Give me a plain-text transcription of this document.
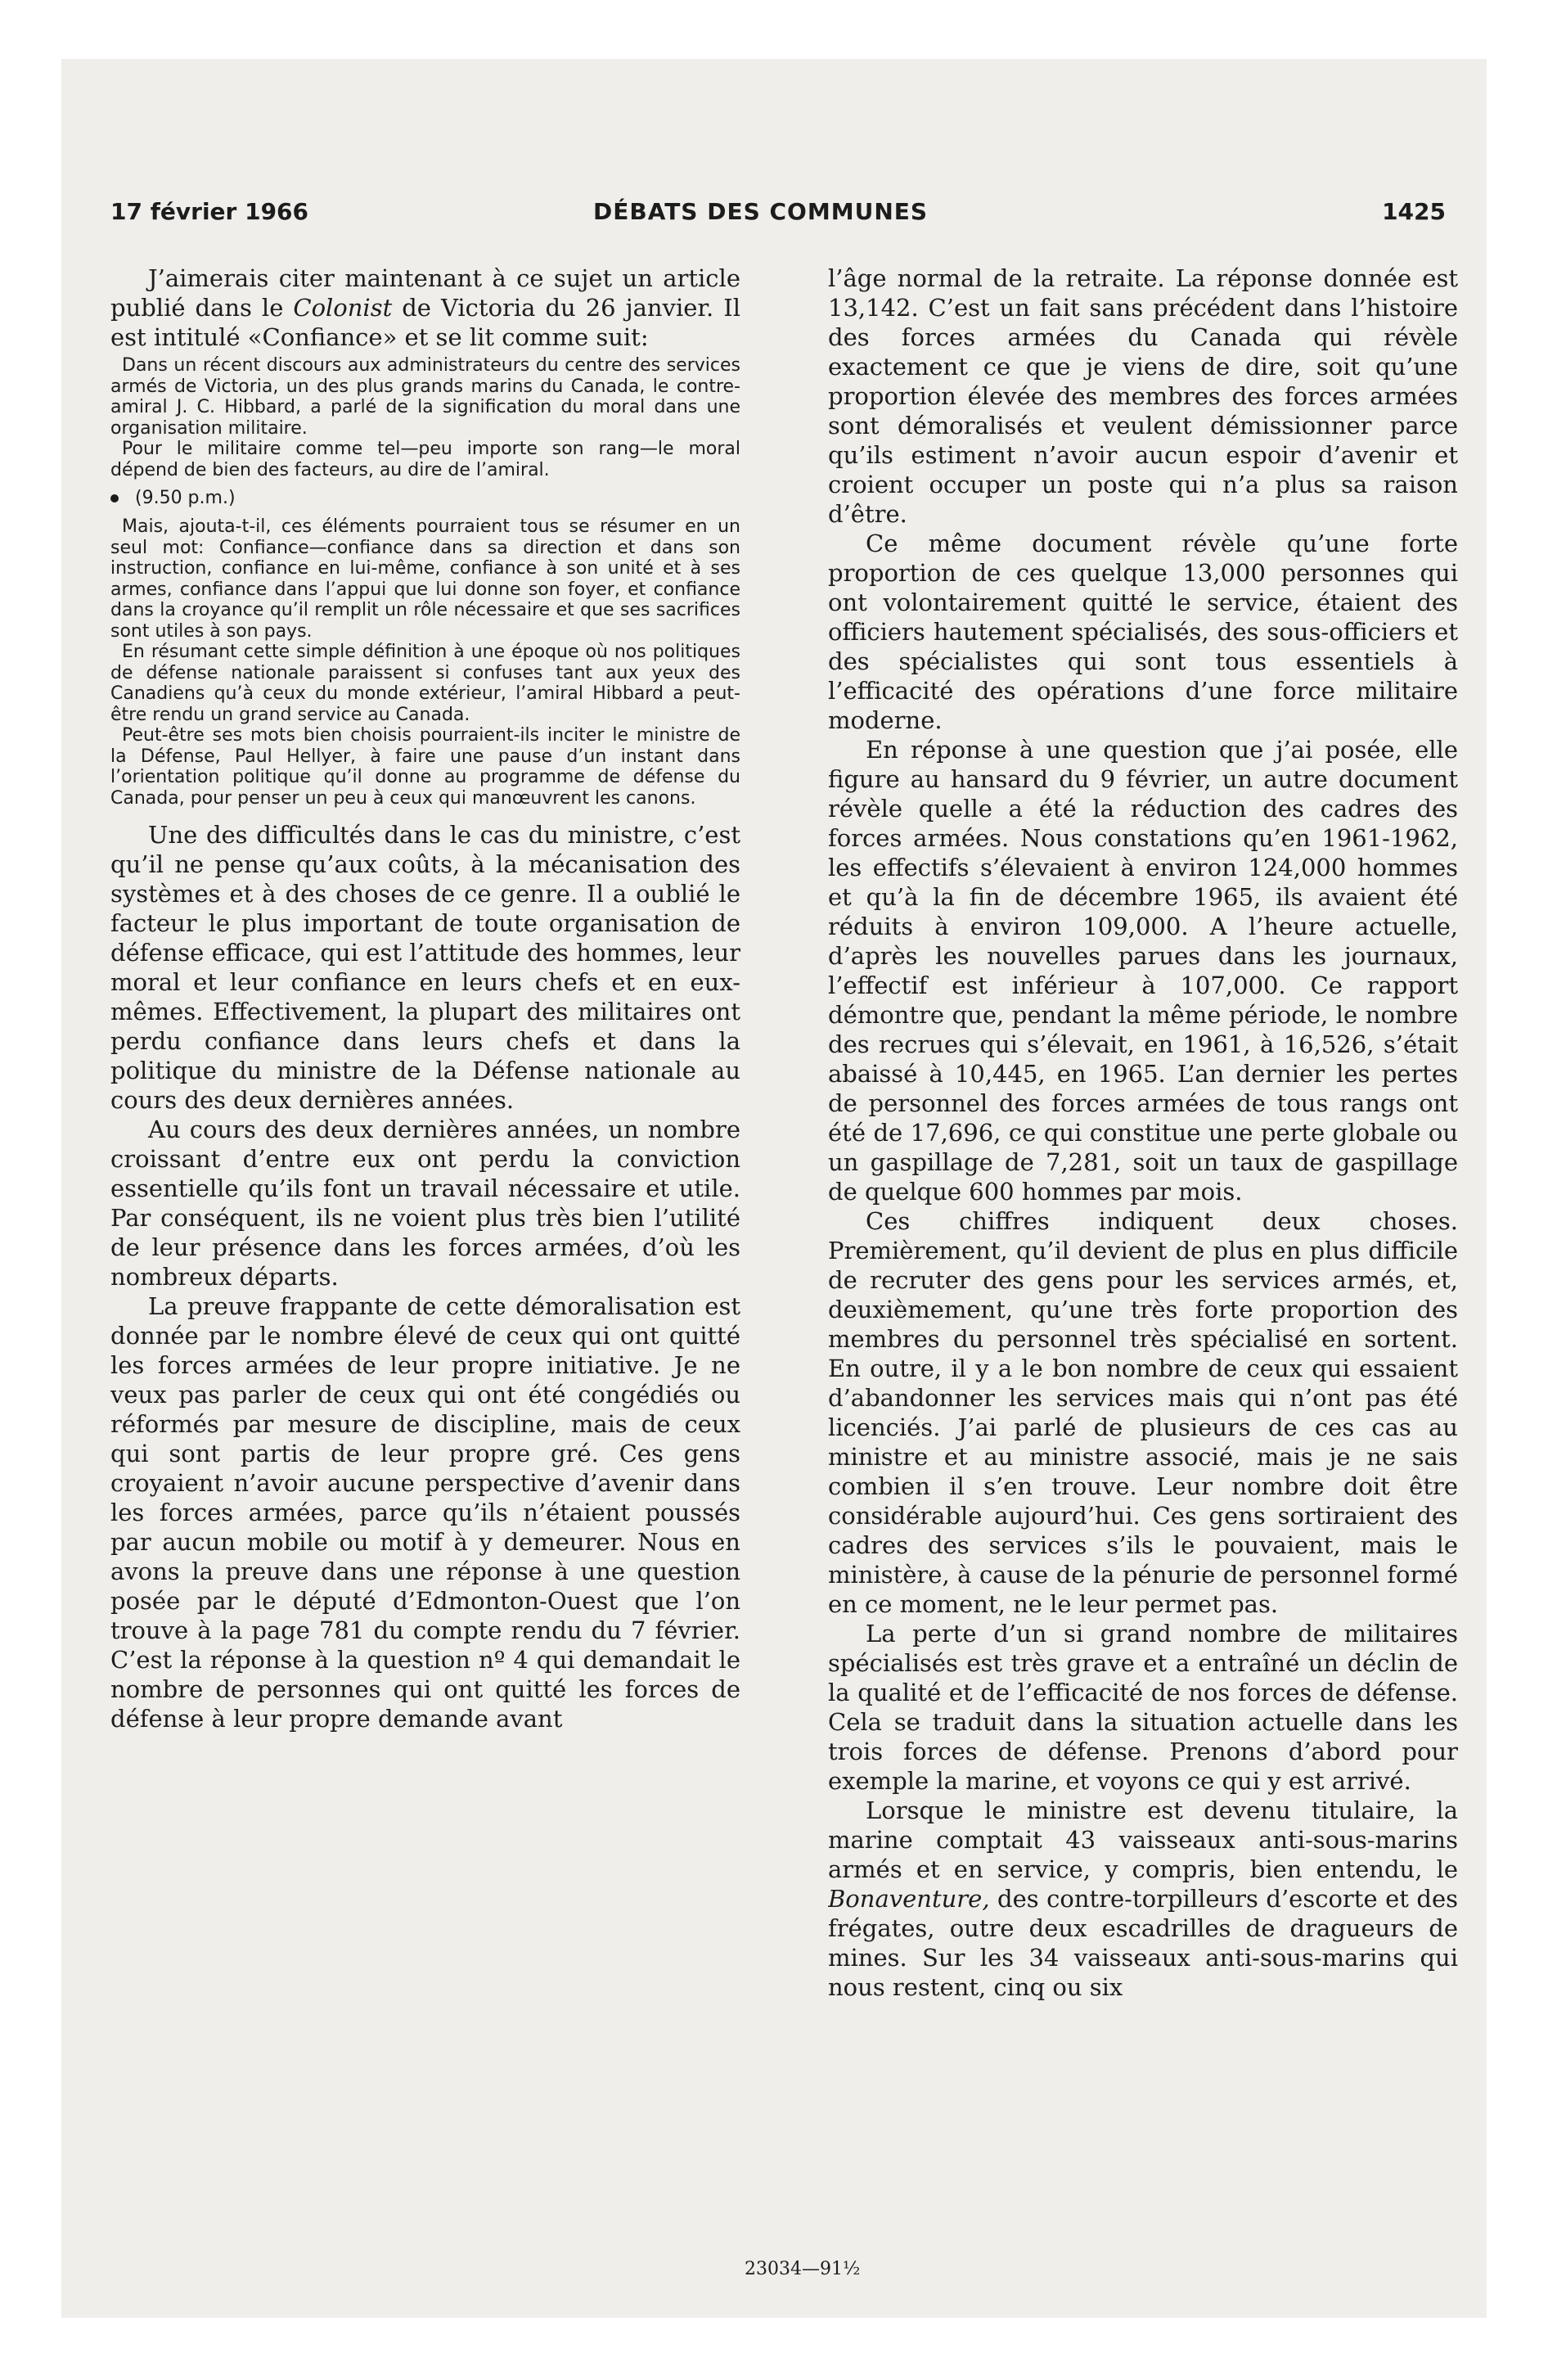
17 février 1966	DÉBATS DES COMMUNES	1425

J’aimerais citer maintenant à ce sujet un article publié dans le Colonist de Victoria du 26 janvier. Il est intitulé «Confiance» et se lit comme suit:

Dans un récent discours aux administrateurs du centre des services armés de Victoria, un des plus grands marins du Canada, le contre-amiral J. C. Hibbard, a parlé de la signification du moral dans une organisation militaire.

Pour le militaire comme tel—peu importe son rang—le moral dépend de bien des facteurs, au dire de l’amiral.

(9.50 p.m.)

Mais, ajouta-t-il, ces éléments pourraient tous se résumer en un seul mot: Confiance—confiance dans sa direction et dans son instruction, confiance en lui-même, confiance à son unité et à ses armes, confiance dans l’appui que lui donne son foyer, et confiance dans la croyance qu’il remplit un rôle nécessaire et que ses sacrifices sont utiles à son pays.

En résumant cette simple définition à une époque où nos politiques de défense nationale paraissent si confuses tant aux yeux des Canadiens qu’à ceux du monde extérieur, l’amiral Hibbard a peut-être rendu un grand service au Canada.

Peut-être ses mots bien choisis pourraient-ils inciter le ministre de la Défense, Paul Hellyer, à faire une pause d’un instant dans l’orientation politique qu’il donne au programme de défense du Canada, pour penser un peu à ceux qui manœuvrent les canons.

Une des difficultés dans le cas du ministre, c’est qu’il ne pense qu’aux coûts, à la mécanisation des systèmes et à des choses de ce genre. Il a oublié le facteur le plus important de toute organisation de défense efficace, qui est l’attitude des hommes, leur moral et leur confiance en leurs chefs et en eux-mêmes. Effectivement, la plupart des militaires ont perdu confiance dans leurs chefs et dans la politique du ministre de la Défense nationale au cours des deux dernières années.

Au cours des deux dernières années, un nombre croissant d’entre eux ont perdu la conviction essentielle qu’ils font un travail nécessaire et utile. Par conséquent, ils ne voient plus très bien l’utilité de leur présence dans les forces armées, d’où les nombreux départs.

La preuve frappante de cette démoralisation est donnée par le nombre élevé de ceux qui ont quitté les forces armées de leur propre initiative. Je ne veux pas parler de ceux qui ont été congédiés ou réformés par mesure de discipline, mais de ceux qui sont partis de leur propre gré. Ces gens croyaient n’avoir aucune perspective d’avenir dans les forces armées, parce qu’ils n’étaient poussés par aucun mobile ou motif à y demeurer. Nous en avons la preuve dans une réponse à une question posée par le député d’Edmonton-Ouest que l’on trouve à la page 781 du compte rendu du 7 février. C’est la réponse à la question nº 4 qui demandait le nombre de personnes qui ont quitté les forces de défense à leur propre demande avant

l’âge normal de la retraite. La réponse donnée est 13,142. C’est un fait sans précédent dans l’histoire des forces armées du Canada qui révèle exactement ce que je viens de dire, soit qu’une proportion élevée des membres des forces armées sont démoralisés et veulent démissionner parce qu’ils estiment n’avoir aucun espoir d’avenir et croient occuper un poste qui n’a plus sa raison d’être.

Ce même document révèle qu’une forte proportion de ces quelque 13,000 personnes qui ont volontairement quitté le service, étaient des officiers hautement spécialisés, des sous-officiers et des spécialistes qui sont tous essentiels à l’efficacité des opérations d’une force militaire moderne.

En réponse à une question que j’ai posée, elle figure au hansard du 9 février, un autre document révèle quelle a été la réduction des cadres des forces armées. Nous constations qu’en 1961-1962, les effectifs s’élevaient à environ 124,000 hommes et qu’à la fin de décembre 1965, ils avaient été réduits à environ 109,000. A l’heure actuelle, d’après les nouvelles parues dans les journaux, l’effectif est inférieur à 107,000. Ce rapport démontre que, pendant la même période, le nombre des recrues qui s’élevait, en 1961, à 16,526, s’était abaissé à 10,445, en 1965. L’an dernier les pertes de personnel des forces armées de tous rangs ont été de 17,696, ce qui constitue une perte globale ou un gaspillage de 7,281, soit un taux de gaspillage de quelque 600 hommes par mois.

Ces chiffres indiquent deux choses. Premièrement, qu’il devient de plus en plus difficile de recruter des gens pour les services armés, et, deuxièmement, qu’une très forte proportion des membres du personnel très spécialisé en sortent. En outre, il y a le bon nombre de ceux qui essaient d’abandonner les services mais qui n’ont pas été licenciés. J’ai parlé de plusieurs de ces cas au ministre et au ministre associé, mais je ne sais combien il s’en trouve. Leur nombre doit être considérable aujourd’hui. Ces gens sortiraient des cadres des services s’ils le pouvaient, mais le ministère, à cause de la pénurie de personnel formé en ce moment, ne le leur permet pas.

La perte d’un si grand nombre de militaires spécialisés est très grave et a entraîné un déclin de la qualité et de l’efficacité de nos forces de défense. Cela se traduit dans la situation actuelle dans les trois forces de défense. Prenons d’abord pour exemple la marine, et voyons ce qui y est arrivé.

Lorsque le ministre est devenu titulaire, la marine comptait 43 vaisseaux anti-sous-marins armés et en service, y compris, bien entendu, le Bonaventure, des contre-torpilleurs d’escorte et des frégates, outre deux escadrilles de dragueurs de mines. Sur les 34 vaisseaux anti-sous-marins qui nous restent, cinq ou six

23034—91½
